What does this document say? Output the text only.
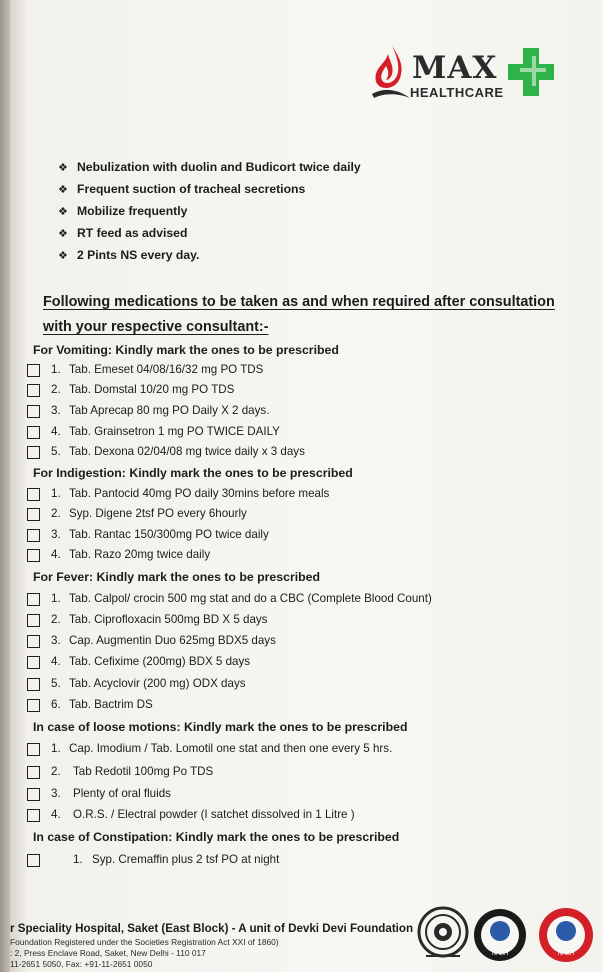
MAX
HEALTHCARE
❖ Nebulization with duolin and Budicort twice daily
❖ Frequent suction of tracheal secretions
❖ Mobilize frequently
❖ RT feed as advised
❖ 2 Pints NS every day.
Following medications to be taken as and when required after consultation
with your respective consultant:-
For Vomiting: Kindly mark the ones to be prescribed
1. Tab. Emeset 04/08/16/32 mg PO TDS
2. Tab. Domstal 10/20 mg PO TDS
3. Tab Aprecap 80 mg PO Daily X 2 days.
4. Tab. Grainsetron 1 mg PO TWICE DAILY
5. Tab. Dexona 02/04/08 mg twice daily x 3 days
For Indigestion: Kindly mark the ones to be prescribed
1. Tab. Pantocid 40mg PO daily 30mins before meals
2. Syp. Digene 2tsf PO every 6hourly
3. Tab. Rantac 150/300mg PO twice daily
4. Tab. Razo 20mg twice daily
For Fever: Kindly mark the ones to be prescribed
1. Tab. Calpol/ crocin 500 mg stat and do a CBC (Complete Blood Count)
2. Tab. Ciprofloxacin 500mg BD X 5 days
3. Cap. Augmentin Duo 625mg BDX5 days
4. Tab. Cefixime (200mg) BDX 5 days
5. Tab. Acyclovir (200 mg) ODX days
6. Tab. Bactrim DS
In case of loose motions: Kindly mark the ones to be prescribed
1. Cap. Imodium / Tab. Lomotil one stat and then one every 5 hrs.
2. Tab Redotil 100mg Po TDS
3. Plenty of oral fluids
4. O.R.S. / Electral powder (I satchet dissolved in 1 Litre )
In case of Constipation: Kindly mark the ones to be prescribed
1. Syp. Cremaffin plus 2 tsf PO at night
r Speciality Hospital, Saket (East Block) - A unit of Devki Devi Foundation
Foundation Registered under the Societies Registration Act XXI of 1860)
: 2, Press Enclave Road, Saket, New Delhi - 110 017
11-2651 5050, Fax: +91-11-2651 0050
NABH	NABH
